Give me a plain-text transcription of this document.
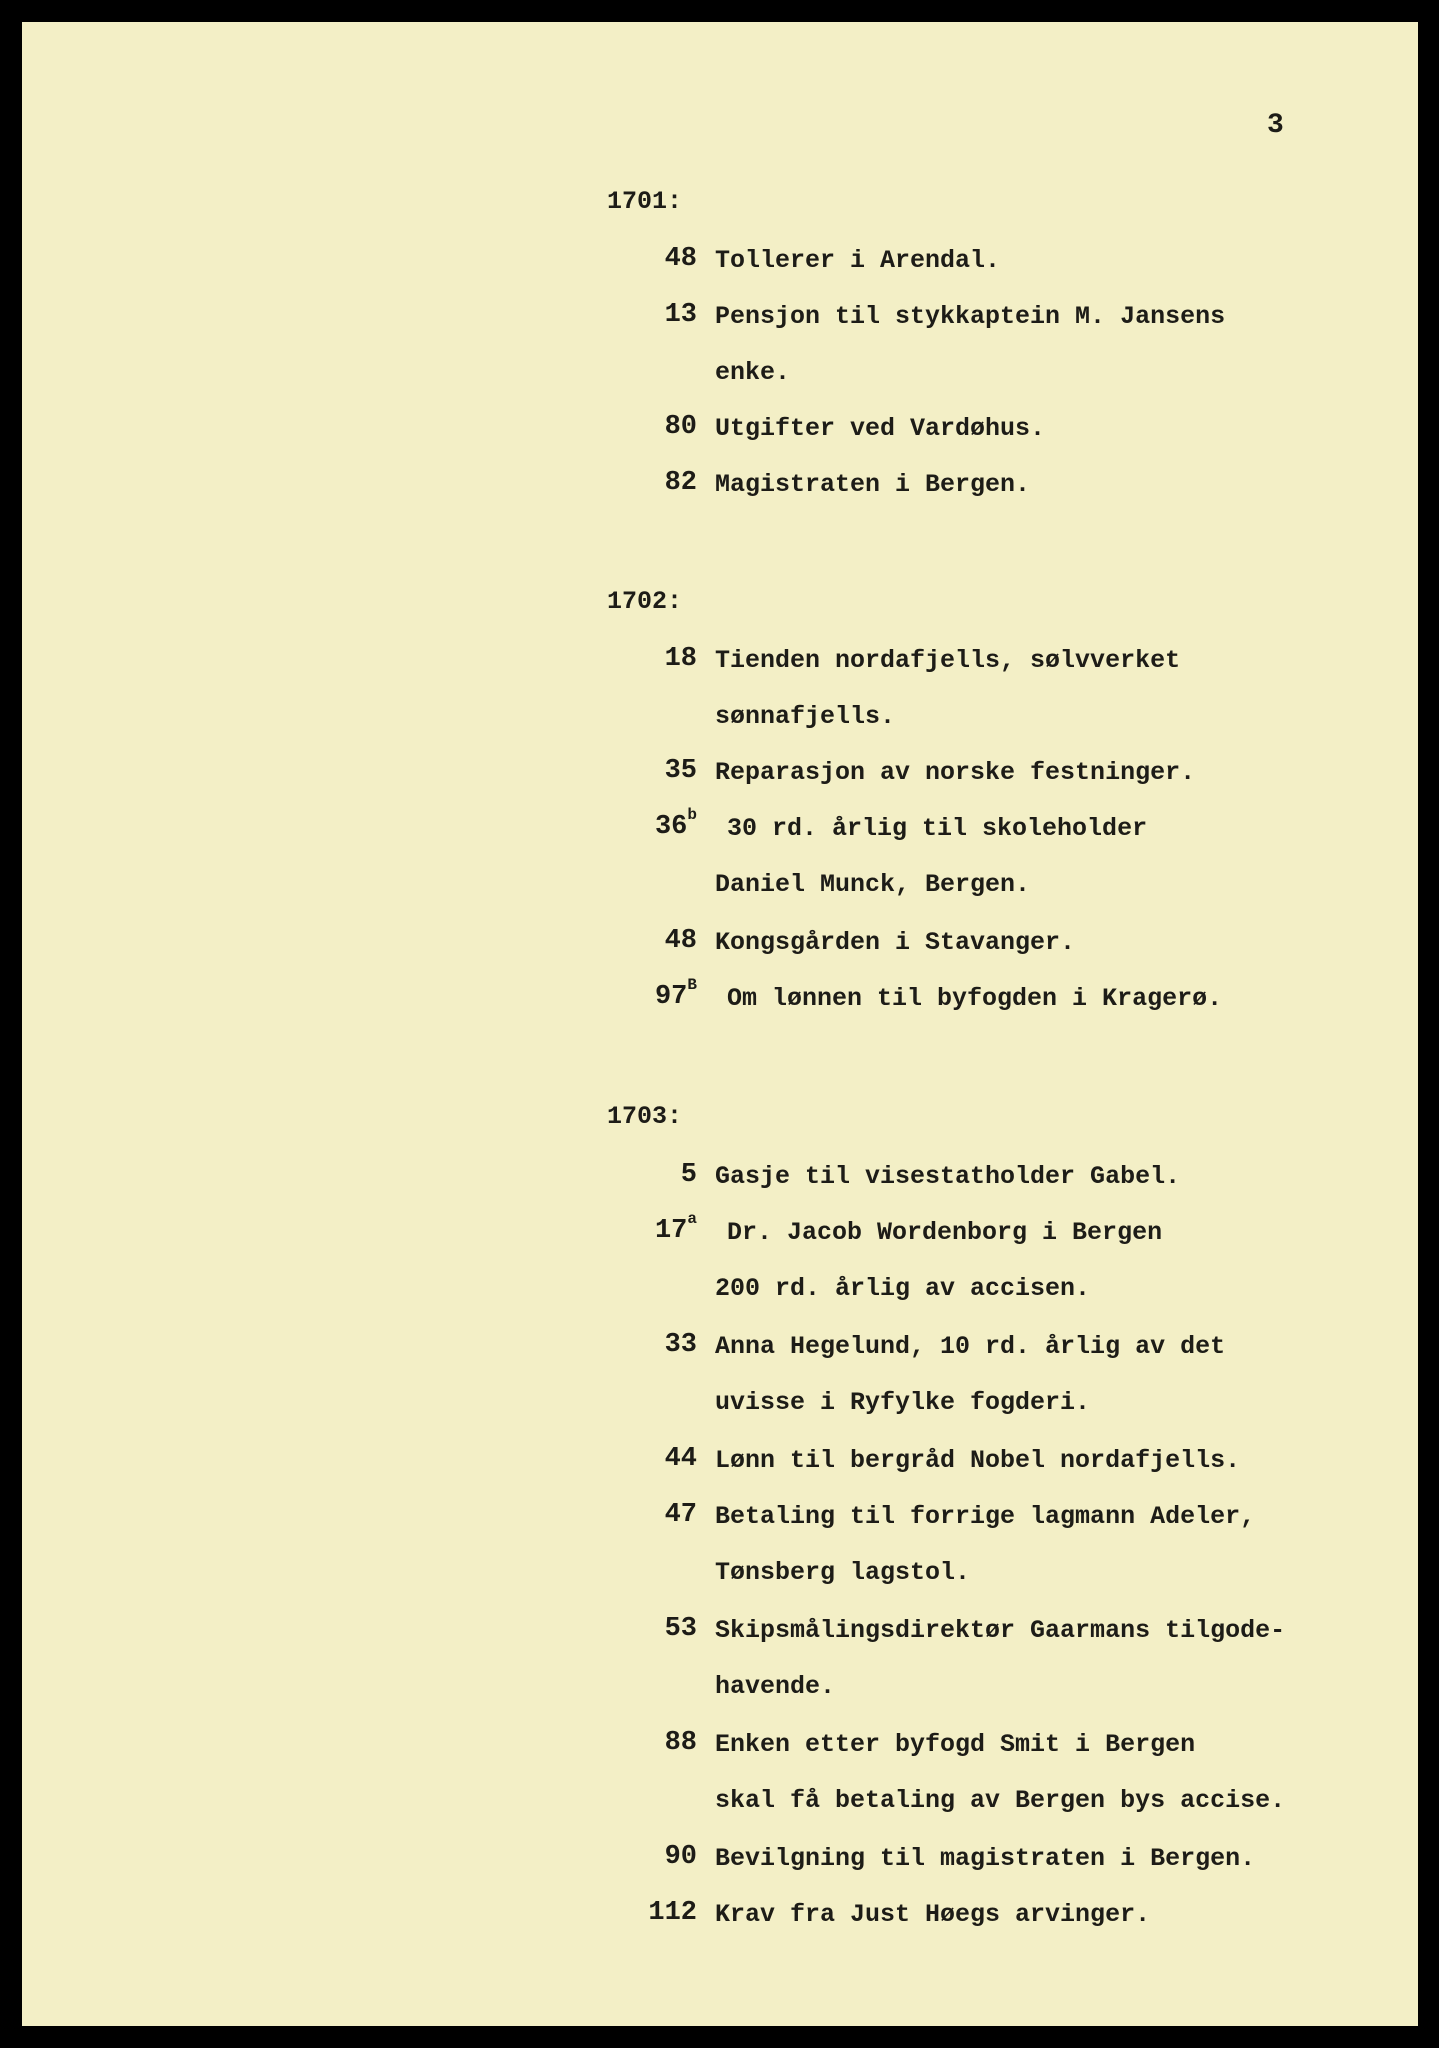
3
1701:
48 Tollerer i Arendal.
13 Pensjon til stykkaptein M. Jansens
enke.
80 Utgifter ved Vardøhus.
82 Magistraten i Bergen.
1702:
18 Tienden nordafjells, sølvverket
sønnafjells.
35 Reparasjon av norske festninger.
36$^b$ 30 rd. årlig til skoleholder
Daniel Munck, Bergen.
48 Kongsgården i Stavanger.
$97^B$ Om lønnen til byfogden i Kragerø.
1703:
5 Gasje til visestatholder Gabel.
17$^a$ Dr. Jacob Wordenborg i Bergen
200 rd. årlig av accisen.
33 Anna Hegelund, 10 rd. årlig av det
uvisse i Ryfylke fogderi.
44 Lønn til bergråd Nobel nordafjells.
47 Betaling til forrige lagmann Adeler,
Tønsberg lagstol.
53 Skipsmålingsdirektør Gaarmans tilgode-
havende.
88 Enken etter byfogd Smit i Bergen
skal få betaling av Bergen bys accise.
90 Bevilgning til magistraten i Bergen.
112 Krav fra Just Høegs arvinger.
